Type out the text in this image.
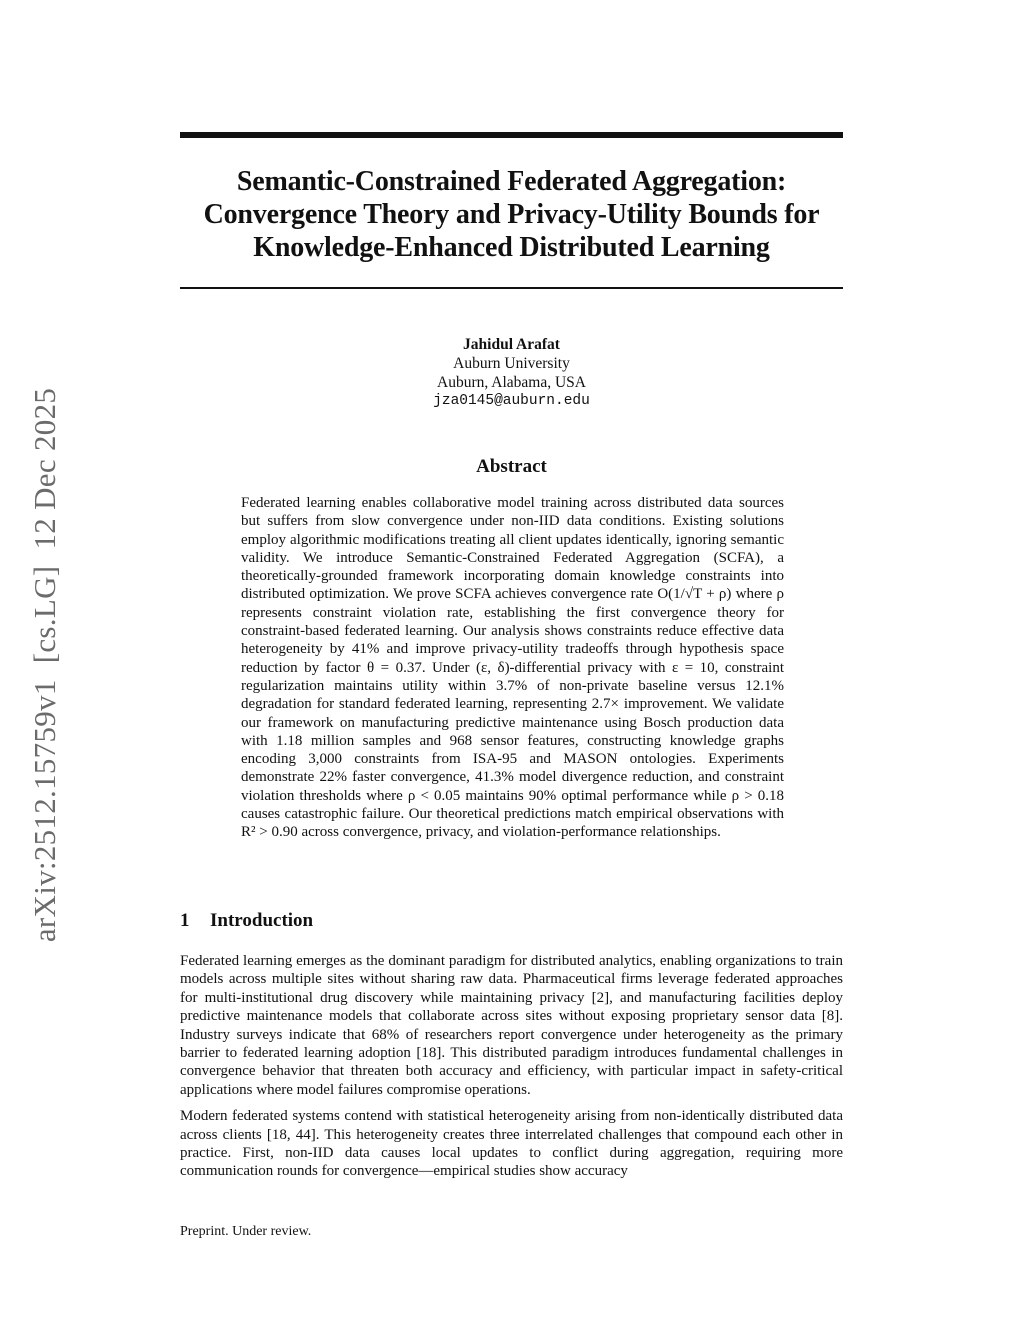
arXiv:2512.15759v1 [cs.LG] 12 Dec 2025
Semantic-Constrained Federated Aggregation:
Convergence Theory and Privacy-Utility Bounds for
Knowledge-Enhanced Distributed Learning
Jahidul Arafat
Auburn University
Auburn, Alabama, USA
jza0145@auburn.edu
Abstract

Federated learning enables collaborative model training across distributed data sources but suffers from slow convergence under non-IID data conditions. Existing solutions employ algorithmic modifications treating all client updates identically, ignoring semantic validity. We introduce Semantic-Constrained Federated Aggregation (SCFA), a theoretically-grounded framework incorporating domain knowledge constraints into distributed optimization. We prove SCFA achieves convergence rate O(1/√T + ρ) where ρ represents constraint violation rate, establishing the first convergence theory for constraint-based federated learning. Our analysis shows constraints reduce effective data heterogeneity by 41% and improve privacy-utility tradeoffs through hypothesis space reduction by factor θ = 0.37. Under (ε, δ)-differential privacy with ε = 10, constraint regularization maintains utility within 3.7% of non-private baseline versus 12.1% degradation for standard federated learning, representing 2.7× improvement. We validate our framework on manufacturing predictive maintenance using Bosch production data with 1.18 million samples and 968 sensor features, constructing knowledge graphs encoding 3,000 constraints from ISA-95 and MASON ontologies. Experiments demonstrate 22% faster convergence, 41.3% model divergence reduction, and constraint violation thresholds where ρ < 0.05 maintains 90% optimal performance while ρ > 0.18 causes catastrophic failure. Our theoretical predictions match empirical observations with R² > 0.90 across convergence, privacy, and violation-performance relationships.

1 Introduction

Federated learning emerges as the dominant paradigm for distributed analytics, enabling organizations to train models across multiple sites without sharing raw data. Pharmaceutical firms leverage federated approaches for multi-institutional drug discovery while maintaining privacy [2], and manufacturing facilities deploy predictive maintenance models that collaborate across sites without exposing proprietary sensor data [8]. Industry surveys indicate that 68% of researchers report convergence under heterogeneity as the primary barrier to federated learning adoption [18]. This distributed paradigm introduces fundamental challenges in convergence behavior that threaten both accuracy and efficiency, with particular impact in safety-critical applications where model failures compromise operations.

Modern federated systems contend with statistical heterogeneity arising from non-identically distributed data across clients [18, 44]. This heterogeneity creates three interrelated challenges that compound each other in practice. First, non-IID data causes local updates to conflict during aggregation, requiring more communication rounds for convergence—empirical studies show accuracy

Preprint. Under review.
